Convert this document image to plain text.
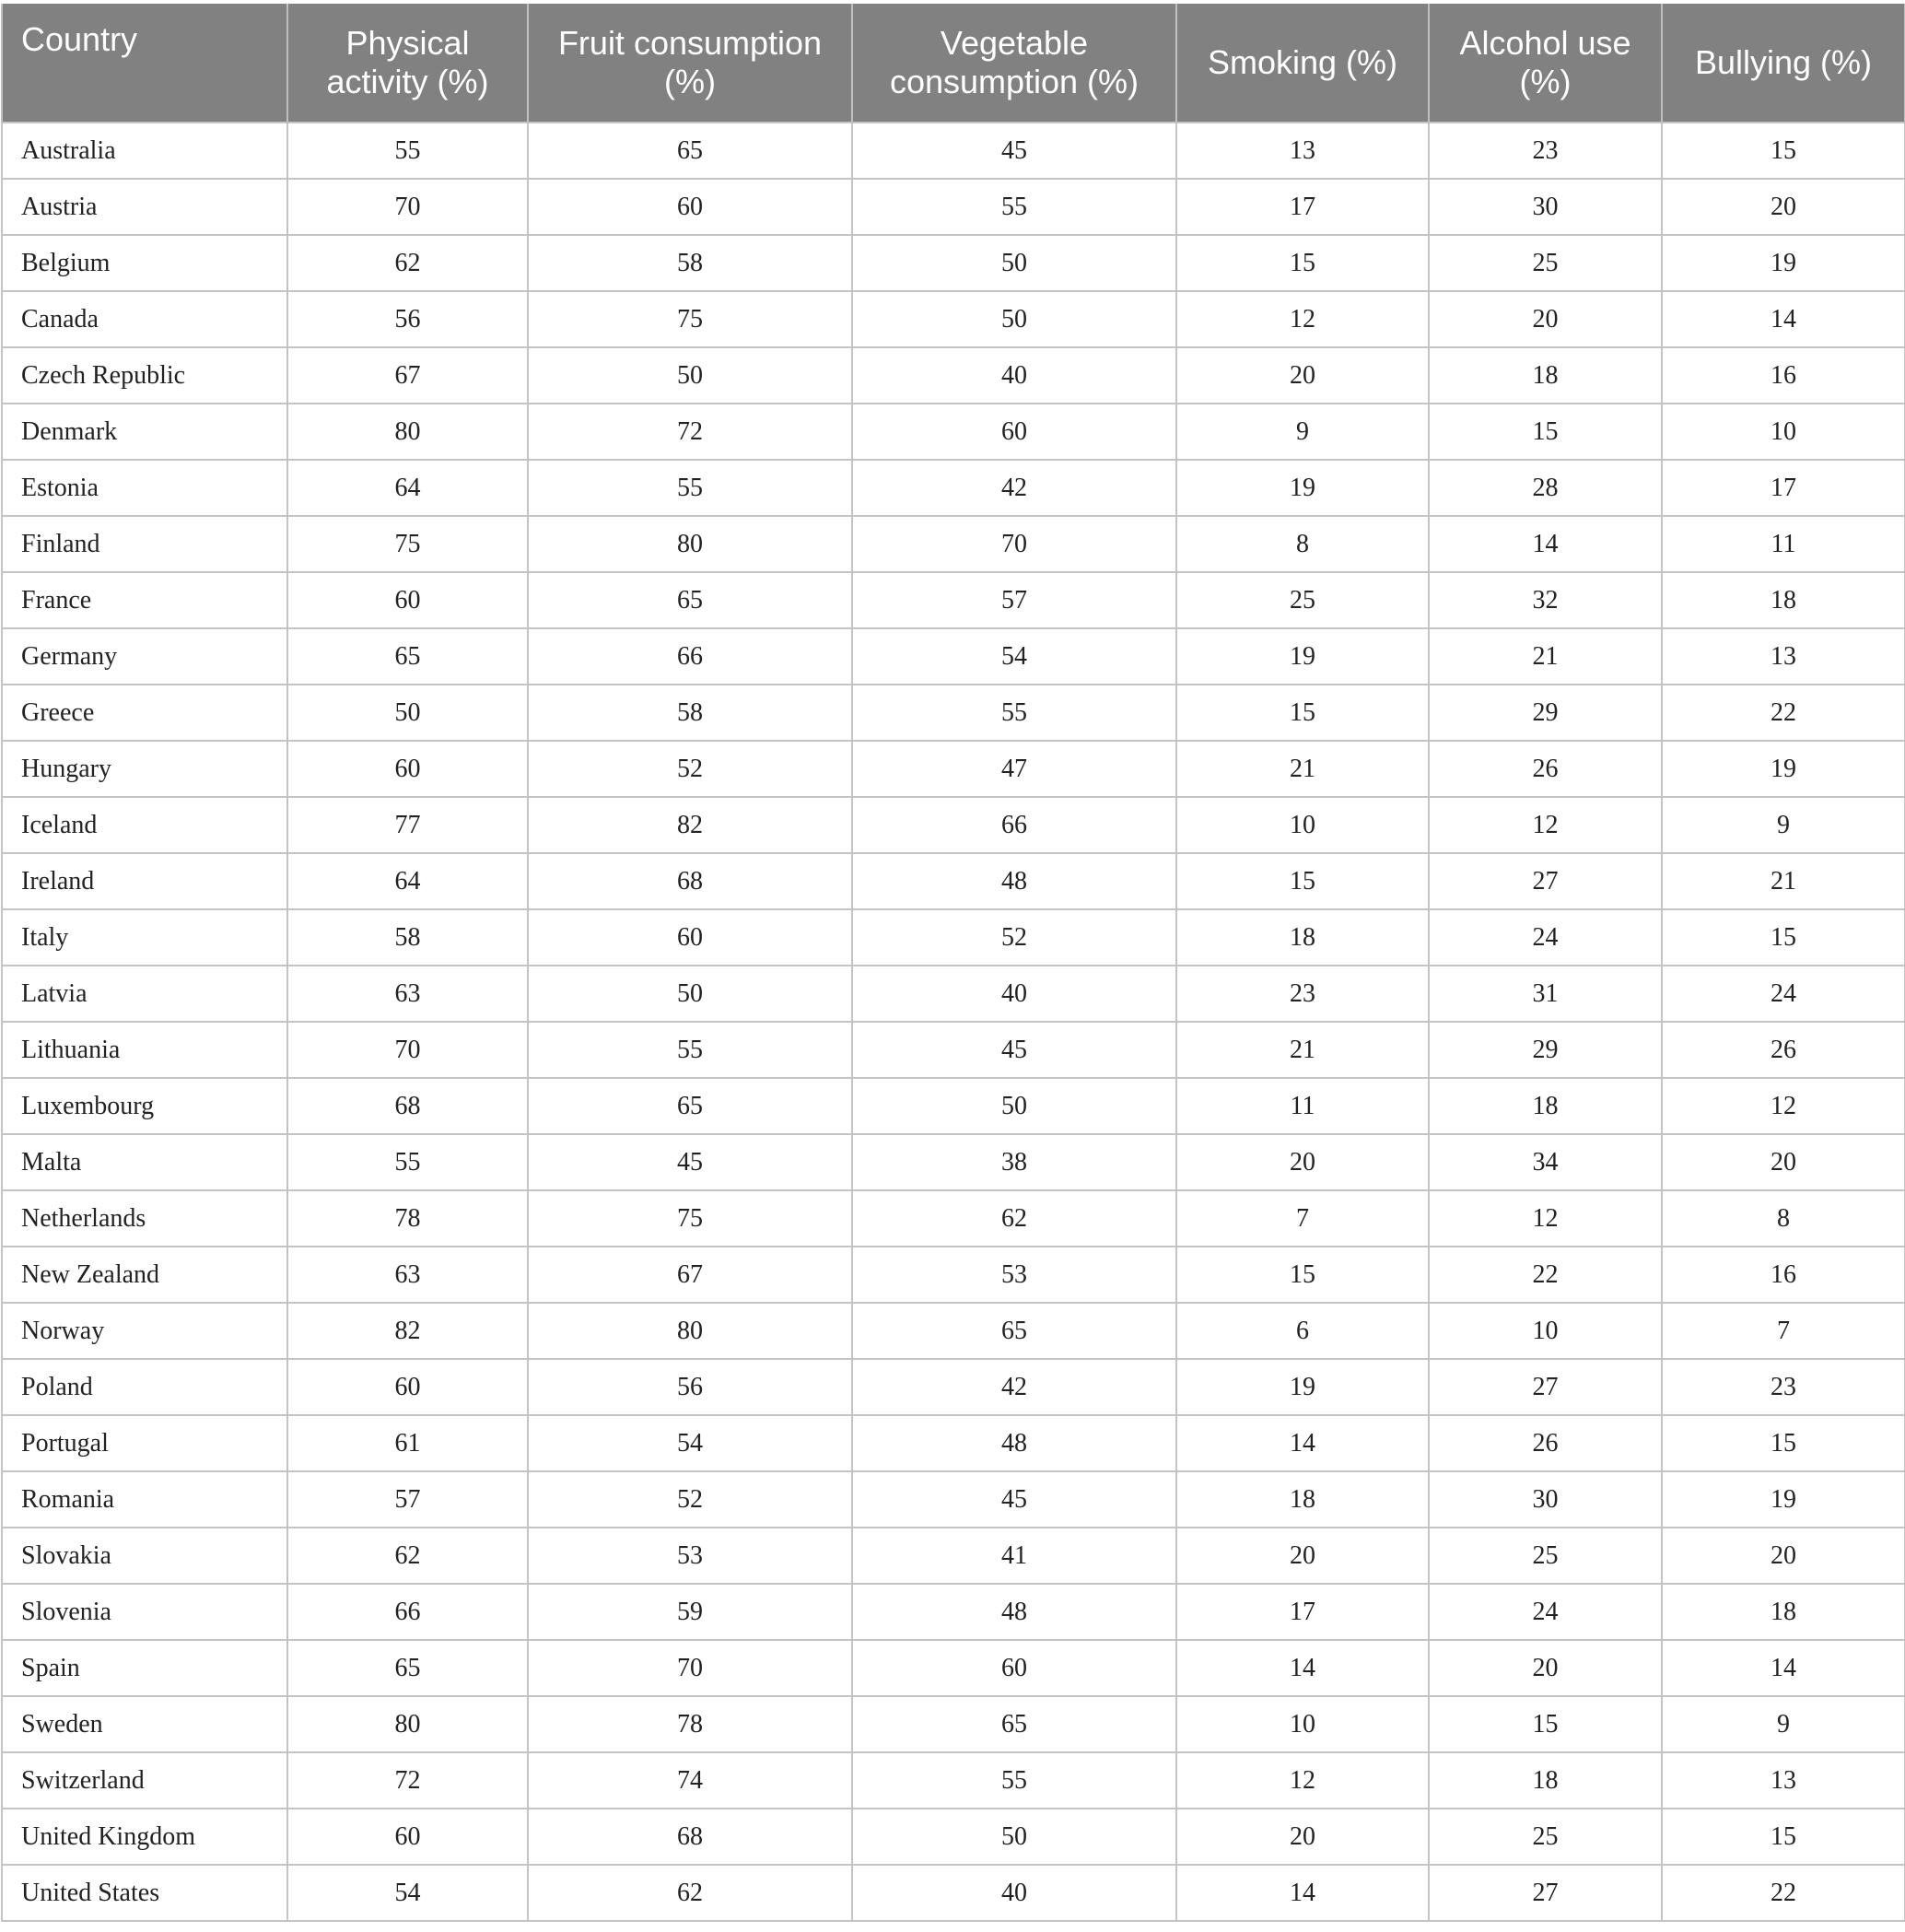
Country	Physical activity (%)	Fruit consumption (%)	Vegetable consumption (%)	Smoking (%)	Alcohol use (%)	Bullying (%)
Australia	55	65	45	13	23	15
Austria	70	60	55	17	30	20
Belgium	62	58	50	15	25	19
Canada	56	75	50	12	20	14
Czech Republic	67	50	40	20	18	16
Denmark	80	72	60	9	15	10
Estonia	64	55	42	19	28	17
Finland	75	80	70	8	14	11
France	60	65	57	25	32	18
Germany	65	66	54	19	21	13
Greece	50	58	55	15	29	22
Hungary	60	52	47	21	26	19
Iceland	77	82	66	10	12	9
Ireland	64	68	48	15	27	21
Italy	58	60	52	18	24	15
Latvia	63	50	40	23	31	24
Lithuania	70	55	45	21	29	26
Luxembourg	68	65	50	11	18	12
Malta	55	45	38	20	34	20
Netherlands	78	75	62	7	12	8
New Zealand	63	67	53	15	22	16
Norway	82	80	65	6	10	7
Poland	60	56	42	19	27	23
Portugal	61	54	48	14	26	15
Romania	57	52	45	18	30	19
Slovakia	62	53	41	20	25	20
Slovenia	66	59	48	17	24	18
Spain	65	70	60	14	20	14
Sweden	80	78	65	10	15	9
Switzerland	72	74	55	12	18	13
United Kingdom	60	68	50	20	25	15
United States	54	62	40	14	27	22
